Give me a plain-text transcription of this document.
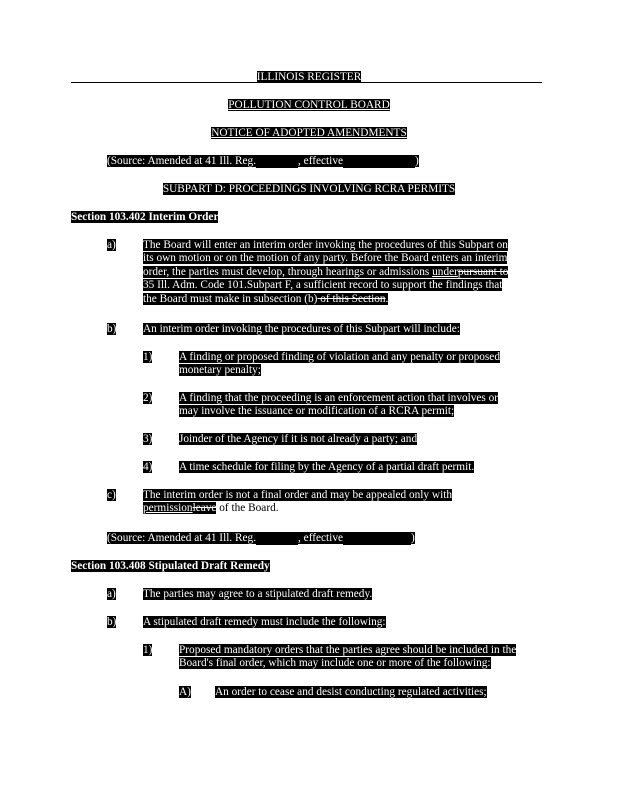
ILLINOIS REGISTER
POLLUTION CONTROL BOARD
NOTICE OF ADOPTED AMENDMENTS
(Source: Amended at 41 Ill. Reg.	, effective	)
SUBPART D: PROCEEDINGS INVOLVING RCRA PERMITS
Section 103.402 Interim Order
a) The Board will enter an interim order invoking the procedures of this Subpart on
its own motion or on the motion of any party. Before the Board enters an interim
order, the parties must develop, through hearings or admissions underpursuant to
35 Ill. Adm. Code 101.Subpart F, a sufficient record to support the findings that
the Board must make in subsection (b) of this Section.
b) An interim order invoking the procedures of this Subpart will include:
1) A finding or proposed finding of violation and any penalty or proposed
monetary penalty;
2) A finding that the proceeding is an enforcement action that involves or
may involve the issuance or modification of a RCRA permit;
3) Joinder of the Agency if it is not already a party; and
4) A time schedule for filing by the Agency of a partial draft permit.
c) The interim order is not a final order and may be appealed only with
permissionleave of the Board.
(Source: Amended at 41 Ill. Reg.	, effective	)
Section 103.408 Stipulated Draft Remedy
a) The parties may agree to a stipulated draft remedy.
b) A stipulated draft remedy must include the following:
1) Proposed mandatory orders that the parties agree should be included in the
Board's final order, which may include one or more of the following:
A) An order to cease and desist conducting regulated activities;
